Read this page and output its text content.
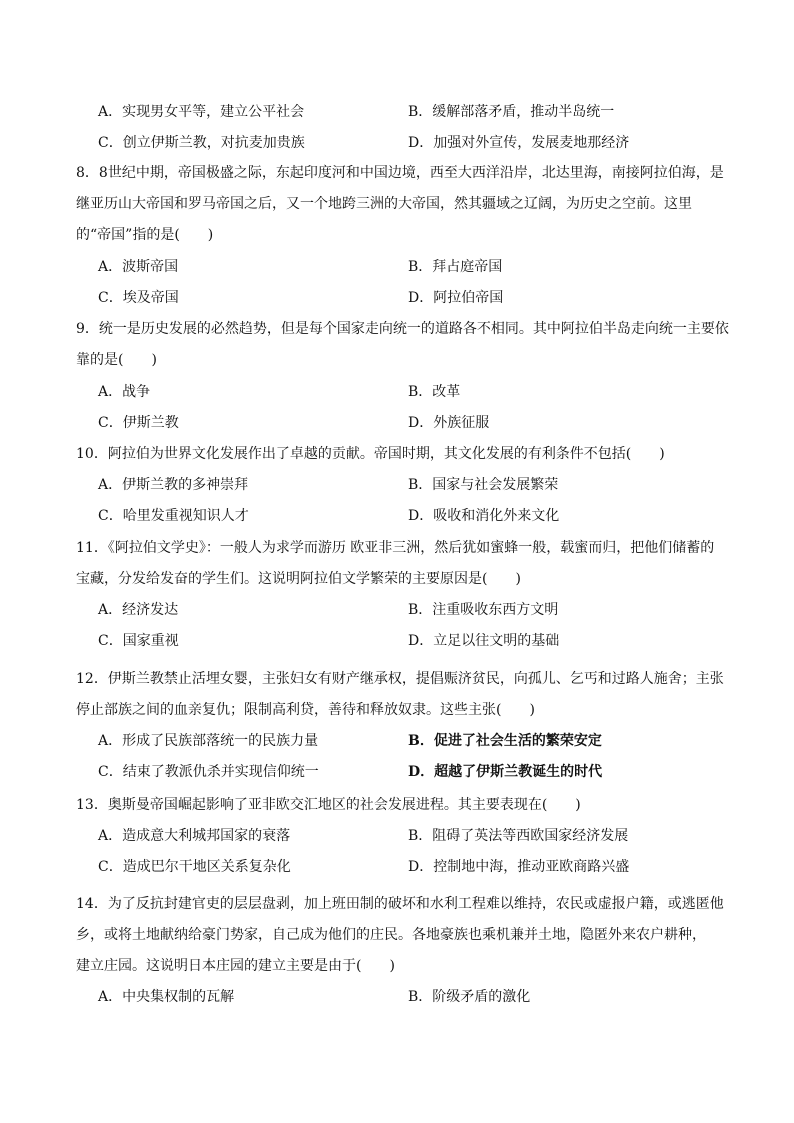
A．实现男女平等，建立公平社会	B．缓解部落矛盾，推动半岛统一
C．创立伊斯兰教，对抗麦加贵族	D．加强对外宣传，发展麦地那经济
8．8世纪中期，帝国极盛之际，东起印度河和中国边境，西至大西洋沿岸，北达里海，南接阿拉伯海，是
继亚历山大帝国和罗马帝国之后，又一个地跨三洲的大帝国，然其疆域之辽阔，为历史之空前。这里
的“帝国”指的是(　　)
A．波斯帝国	B．拜占庭帝国
C．埃及帝国	D．阿拉伯帝国
9．统一是历史发展的必然趋势，但是每个国家走向统一的道路各不相同。其中阿拉伯半岛走向统一主要依
靠的是(　　)
A．战争	B．改革
C．伊斯兰教	D．外族征服
10．阿拉伯为世界文化发展作出了卓越的贡献。帝国时期，其文化发展的有利条件不包括(　　)
A．伊斯兰教的多神崇拜	B．国家与社会发展繁荣
C．哈里发重视知识人才	D．吸收和消化外来文化
11．《阿拉伯文学史》：一般人为求学而游历 欧亚非三洲，然后犹如蜜蜂一般，载蜜而归，把他们储蓄的
宝藏，分发给发奋的学生们。这说明阿拉伯文学繁荣的主要原因是(　　)
A．经济发达	B．注重吸收东西方文明
C．国家重视	D．立足以往文明的基础
12．伊斯兰教禁止活埋女婴，主张妇女有财产继承权，提倡赈济贫民，向孤儿、乞丐和过路人施舍；主张
停止部族之间的血亲复仇；限制高利贷，善待和释放奴隶。这些主张(　　)
A．形成了民族部落统一的民族力量	B．促进了社会生活的繁荣安定
C．结束了教派仇杀并实现信仰统一	D．超越了伊斯兰教诞生的时代
13．奥斯曼帝国崛起影响了亚非欧交汇地区的社会发展进程。其主要表现在(　　)
A．造成意大利城邦国家的衰落	B．阻碍了英法等西欧国家经济发展
C．造成巴尔干地区关系复杂化	D．控制地中海，推动亚欧商路兴盛
14．为了反抗封建官吏的层层盘剥，加上班田制的破坏和水利工程难以维持，农民或虚报户籍，或逃匿他
乡，或将土地献纳给豪门势家，自己成为他们的庄民。各地豪族也乘机兼并土地，隐匿外来农户耕种，
建立庄园。这说明日本庄园的建立主要是由于(　　)
A．中央集权制的瓦解	B．阶级矛盾的激化
